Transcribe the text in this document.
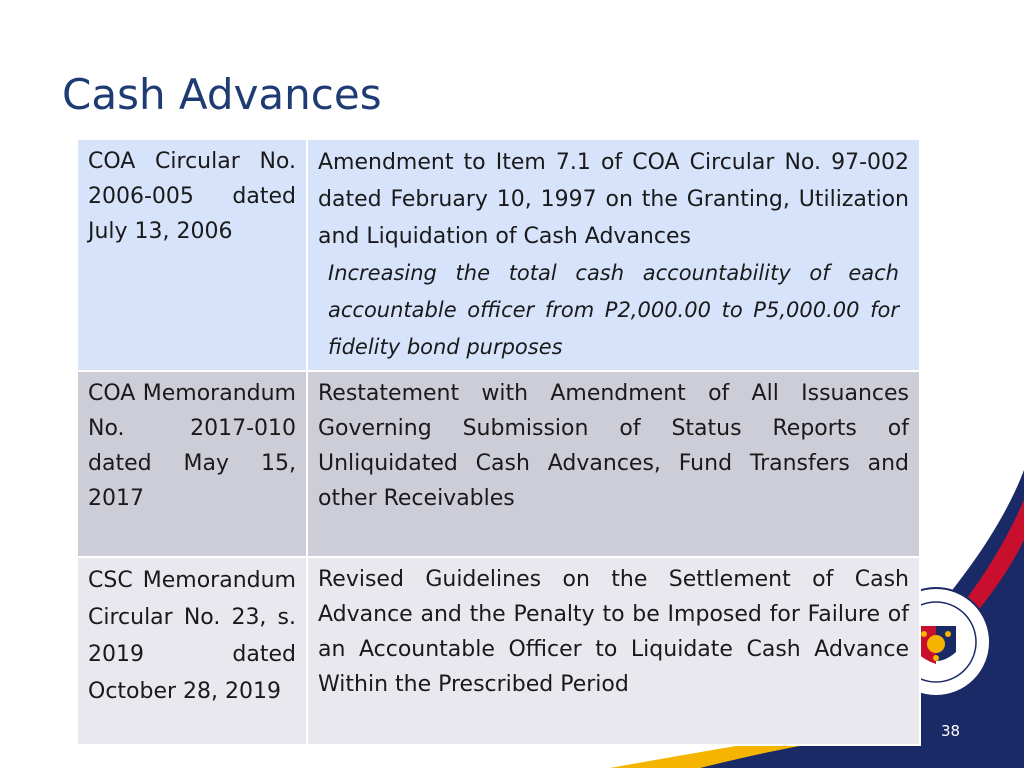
Cash Advances
COA Circular No. 2006-005 dated July 13, 2006	Amendment to Item 7.1 of COA Circular No. 97-002 dated February 10, 1997 on the Granting, Utilization and Liquidation of Cash Advances
Increasing the total cash accountability of each accountable officer from P2,000.00 to P5,000.00 for fidelity bond purposes

COA Memorandum No. 2017-010 dated May 15, 2017	Restatement with Amendment of All Issuances Governing Submission of Status Reports of Unliquidated Cash Advances, Fund Transfers and other Receivables

CSC Memorandum Circular No. 23, s. 2019 dated October 28, 2019	Revised Guidelines on the Settlement of Cash Advance and the Penalty to be Imposed for Failure of an Accountable Officer to Liquidate Cash Advance Within the Prescribed Period
38
